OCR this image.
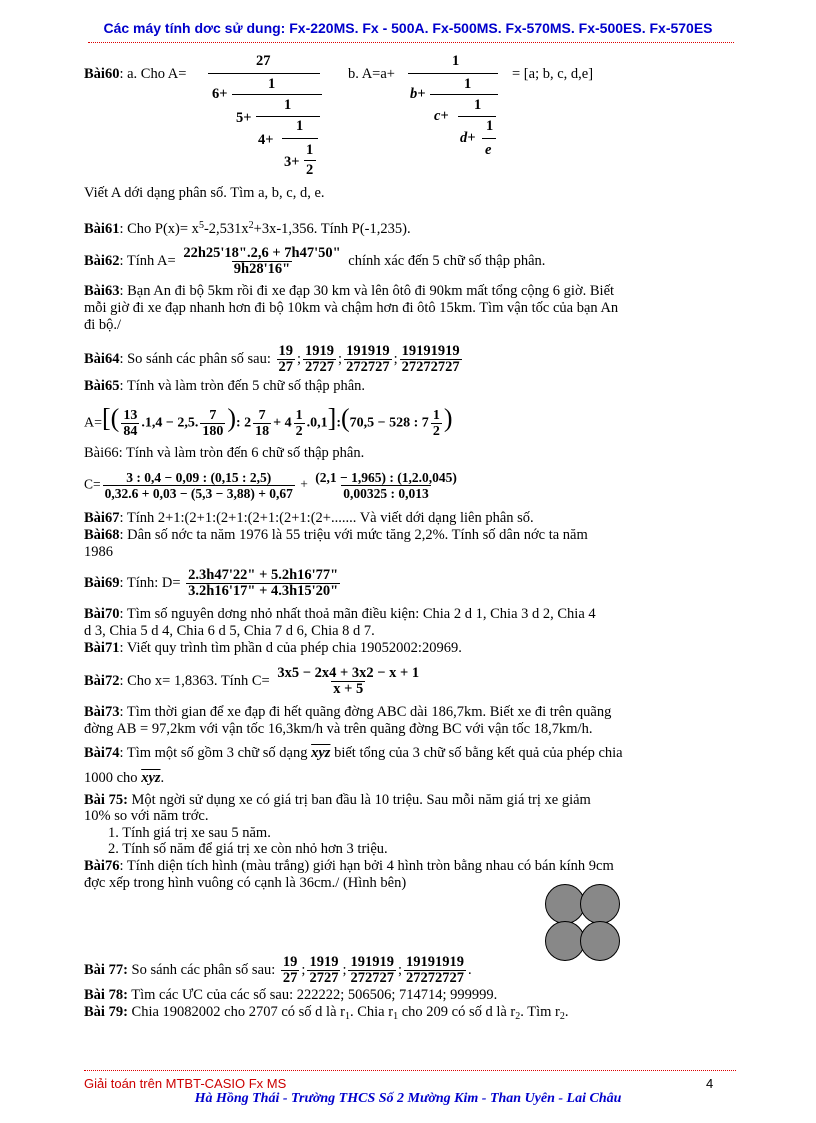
Các máy tính dơc sử dung: Fx-220MS. Fx - 500A. Fx-500MS. Fx-570MS. Fx-500ES. Fx-570ES
Bài60: a. Cho A=
27
6+
1
5+
1
4+
1
3+
1
2
b. A=a+
1
b+
1
c+
1
d+
1
e
= [a; b, c, d,e]
Viết A dới dạng phân số. Tìm a, b, c, d, e.
Bài61: Cho $P(x)= x^5-2,531x^2+3x-1,356$. Tính P(-1,235).
Bài62: Tính $A= \frac{22h25'18".2,6 + 7h47'50"}{9h28'16"}$ chính xác đến 5 chữ số thập phân.
Bài63: Bạn An đi bộ 5km rồi đi xe đạp 30 km và lên ôtô đi 90km mất tổng cộng 6 giờ. Biết
mỗi giờ đi xe đạp nhanh hơn đi bộ 10km và chậm hơn đi ôtô 15km. Tìm vận tốc của bạn An
đi bộ./
Bài64: So sánh các phân số sau: $\frac{19}{27}$ ; $\frac{1919}{2727}$ ; $\frac{191919}{272727}$ ; $\frac{19191919}{27272727}$
Bài65: Tính và làm tròn đến 5 chữ số thập phân.
$A=[( \frac{13}{84} .1,4 - 2,5$. $\frac{7}{180}$ ): $2 \frac{7}{18} + 4 \frac{1}{2}$ .0,1]:(70,5 − 528 : $7 \frac{1}{2}$ )
Bài66: Tính và làm tròn đến 6 chữ số thập phân.
$C= \frac{3 : 0,4 - 0,09 : (0,15 : 2,5)}{0,32.6 + 0,03 - (5,3 - 3,88) + 0,67} + \frac{(2,1 - 1,965) : (1,2.0,045)}{0,00325 : 0,013}$
Bài67: Tính 2+1:(2+1:(2+1:(2+1:(2+1:(2+....... Và viết dới dạng liên phân số.
Bài68: Dân số nớc ta năm 1976 là 55 triệu với mức tăng 2,2%. Tính số dân nớc ta năm
1986
Bài69: Tính: $D= \frac{2.3h47'22" + 5.2h16'77"}{3.2h16'17" + 4.3h15'20"}$
Bài70: Tìm số nguyên dơng nhỏ nhất thoả mãn điều kiện: Chia 2 d 1, Chia 3 d 2, Chia 4
d 3, Chia 5 d 4, Chia 6 d 5, Chia 7 d 6, Chia 8 d 7.
Bài71: Viết quy trình tìm phần d của phép chia 19052002:20969.
Bài72: Cho x= 1,8363. Tính $C= \frac{3x5 - 2x4 + 3x2 - x + 1}{x + 5}$
Bài73: Tìm thời gian để xe đạp đi hết quãng đờng ABC dài 186,7km. Biết xe đi trên quãng
đờng AB = 97,2km với vận tốc 16,3km/h và trên quãng đờng BC với vận tốc 18,7km/h.
Bài74: Tìm một số gồm 3 chữ số dạng $\overline{xyz}$ biết tổng của 3 chữ số bằng kết quả của phép chia
1000 cho $\overline{xyz}$.
Bài 75: Một ngời sử dụng xe có giá trị ban đầu là 10 triệu. Sau mỗi năm giá trị xe giảm
10% so với năm trớc.
1. Tính giá trị xe sau 5 năm.
2. Tính số năm để giá trị xe còn nhỏ hơn 3 triệu.
Bài76: Tính diện tích hình (màu trắng) giới hạn bởi 4 hình tròn bằng nhau có bán kính 9cm
đợc xếp trong hình vuông có cạnh là 36cm./ (Hình bên)
Bài 77: So sánh các phân số sau: $\frac{19}{27}$ ; $\frac{1919}{2727}$ ; $\frac{191919}{272727}$ ; $\frac{19191919}{27272727}$ .
Bài 78: Tìm các ƯC của các số sau: 222222; 506506; 714714; 999999.
Bài 79: Chia 19082002 cho 2707 có số d là $r_1$. Chia $r_1$ cho 209 có số d là $r_2$. Tìm $r_2$.
Giải toán trên MTBT-CASIO Fx MS	4
Hà Hồng Thái - Trường THCS Số 2 Mường Kim - Than Uyên - Lai Châu
